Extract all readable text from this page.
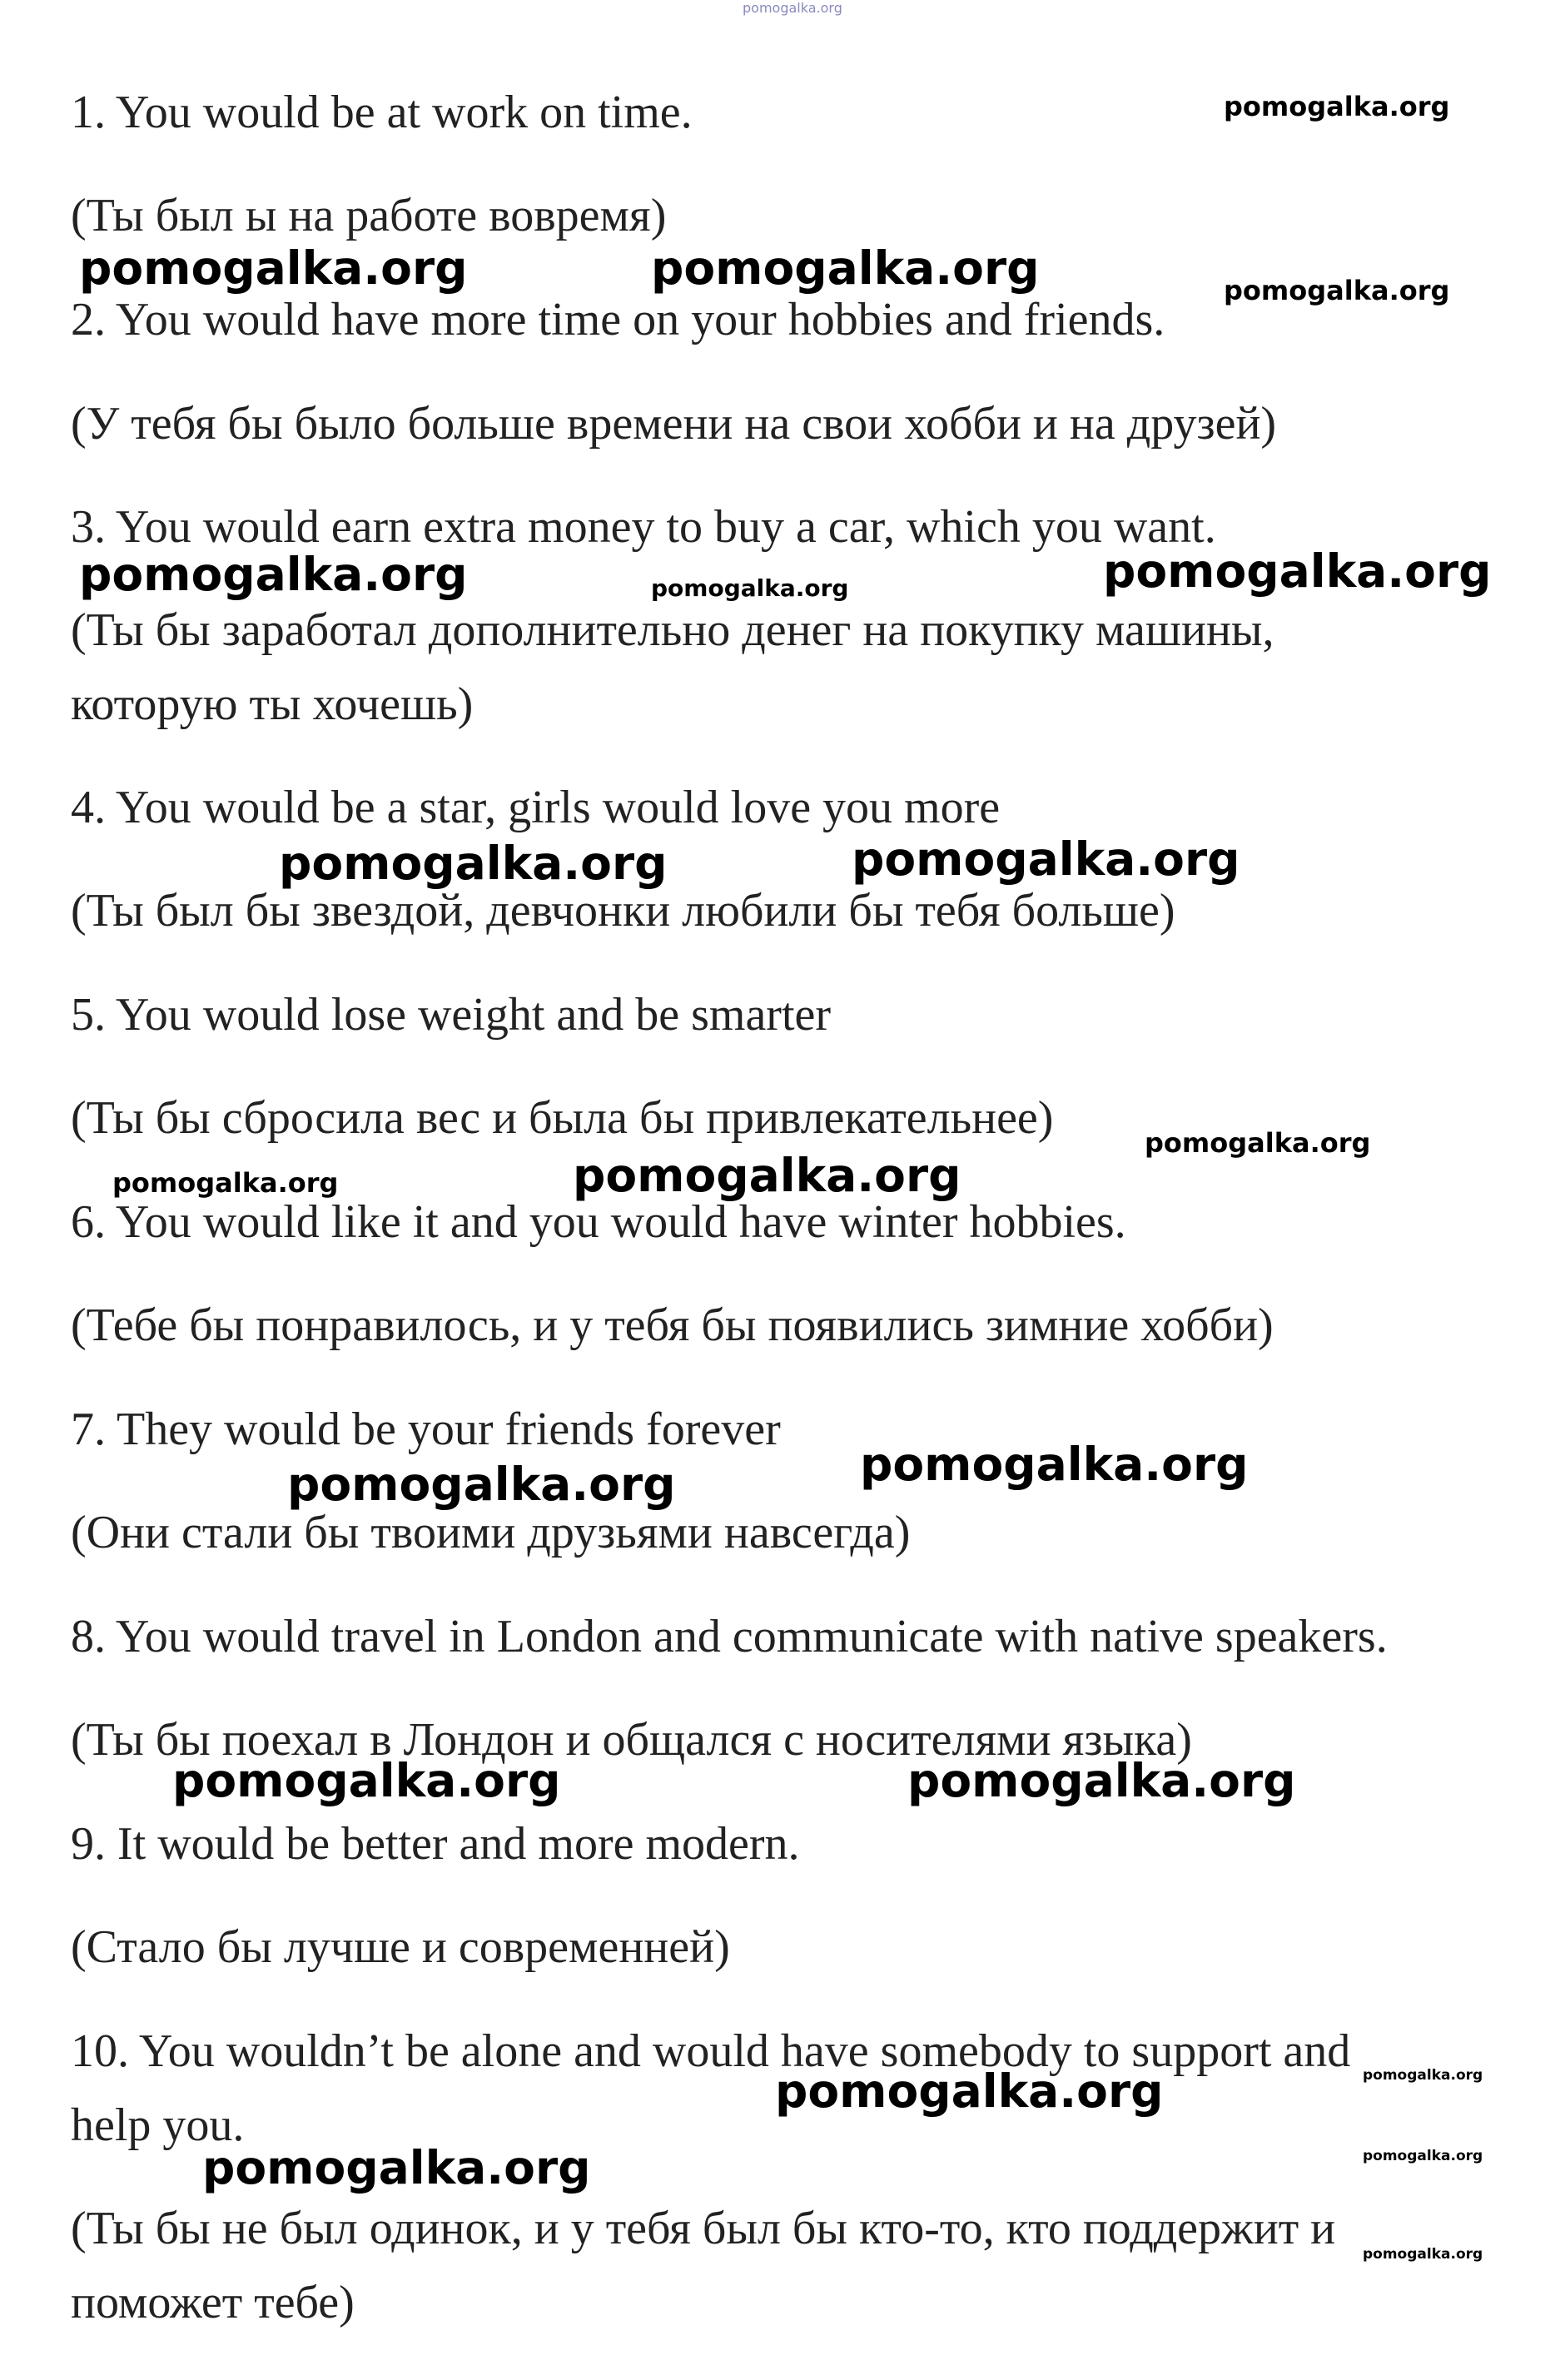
pomogalka.org

1. You would be at work on time.

(Ты был ы на работе вовремя)

2. You would have more time on your hobbies and friends.

(У тебя бы было больше времени на свои хобби и на друзей)

3. You would earn extra money to buy a car, which you want.

(Ты бы заработал дополнительно денег на покупку машины,

которую ты хочешь)

4. You would be a star, girls would love you more

(Ты был бы звездой, девчонки любили бы тебя больше)

5. You would lose weight and be smarter

(Ты бы сбросила вес и была бы привлекательнее)

6. You would like it and you would have winter hobbies.

(Тебе бы понравилось, и у тебя бы появились зимние хобби)

7. They would be your friends forever

(Они стали бы твоими друзьями навсегда)

8. You would travel in London and communicate with native speakers.

(Ты бы поехал в Лондон и общался с носителями языка)

9. It would be better and more modern.

(Стало бы лучше и современней)

10. You wouldn’t be alone and would have somebody to support and

help you.

(Ты бы не был одинок, и у тебя был бы кто-то, кто поддержит и

поможет тебе)

pomogalka.org
pomogalka.org	pomogalka.org	pomogalka.org
pomogalka.org	pomogalka.org	pomogalka.org
pomogalka.org	pomogalka.org
pomogalka.org
pomogalka.org	pomogalka.org
pomogalka.org
pomogalka.org
pomogalka.org	pomogalka.org
pomogalka.org	pomogalka.org
pomogalka.org	pomogalka.org
pomogalka.org
